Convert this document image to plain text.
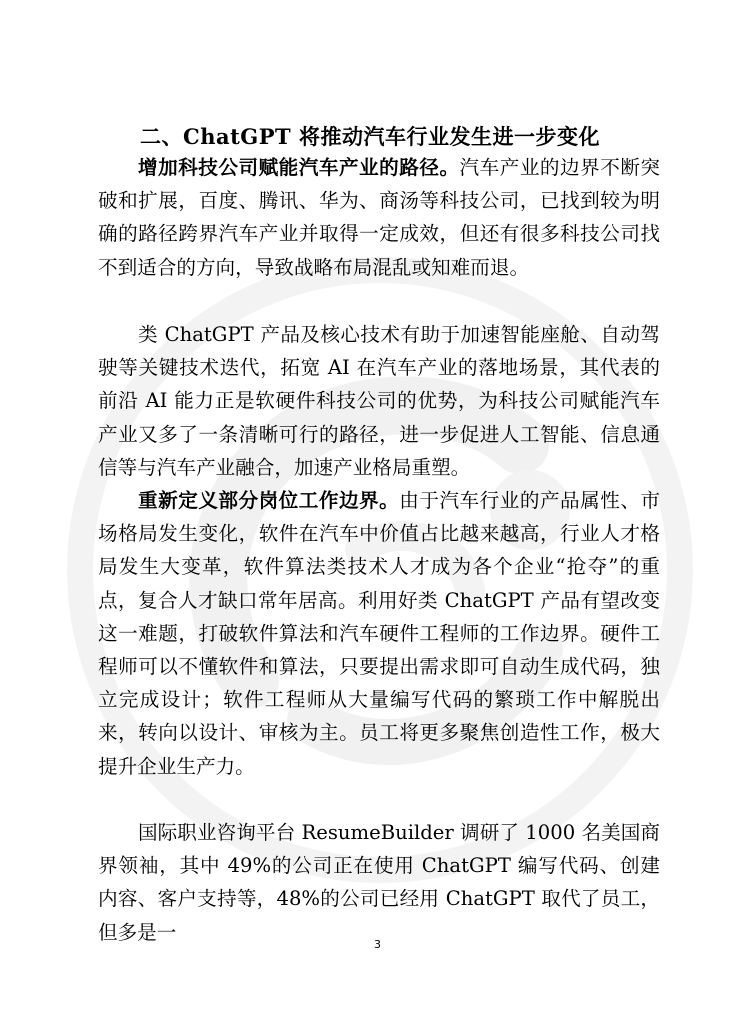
二、ChatGPT 将推动汽车行业发生进一步变化

增加科技公司赋能汽车产业的路径。汽车产业的边界不断突破和扩展，百度、腾讯、华为、商汤等科技公司，已找到较为明确的路径跨界汽车产业并取得一定成效，但还有很多科技公司找不到适合的方向，导致战略布局混乱或知难而退。

类 ChatGPT 产品及核心技术有助于加速智能座舱、自动驾驶等关键技术迭代，拓宽 AI 在汽车产业的落地场景，其代表的前沿 AI 能力正是软硬件科技公司的优势，为科技公司赋能汽车产业又多了一条清晰可行的路径，进一步促进人工智能、信息通信等与汽车产业融合，加速产业格局重塑。

重新定义部分岗位工作边界。由于汽车行业的产品属性、市场格局发生变化，软件在汽车中价值占比越来越高，行业人才格局发生大变革，软件算法类技术人才成为各个企业“抢夺”的重点，复合人才缺口常年居高。利用好类 ChatGPT 产品有望改变这一难题，打破软件算法和汽车硬件工程师的工作边界。硬件工程师可以不懂软件和算法，只要提出需求即可自动生成代码，独立完成设计；软件工程师从大量编写代码的繁琐工作中解脱出来，转向以设计、审核为主。员工将更多聚焦创造性工作，极大提升企业生产力。

国际职业咨询平台 ResumeBuilder 调研了 1000 名美国商界领袖，其中 49%的公司正在使用 ChatGPT 编写代码、创建内容、客户支持等，48%的公司已经用 ChatGPT 取代了员工，但多是一

3
